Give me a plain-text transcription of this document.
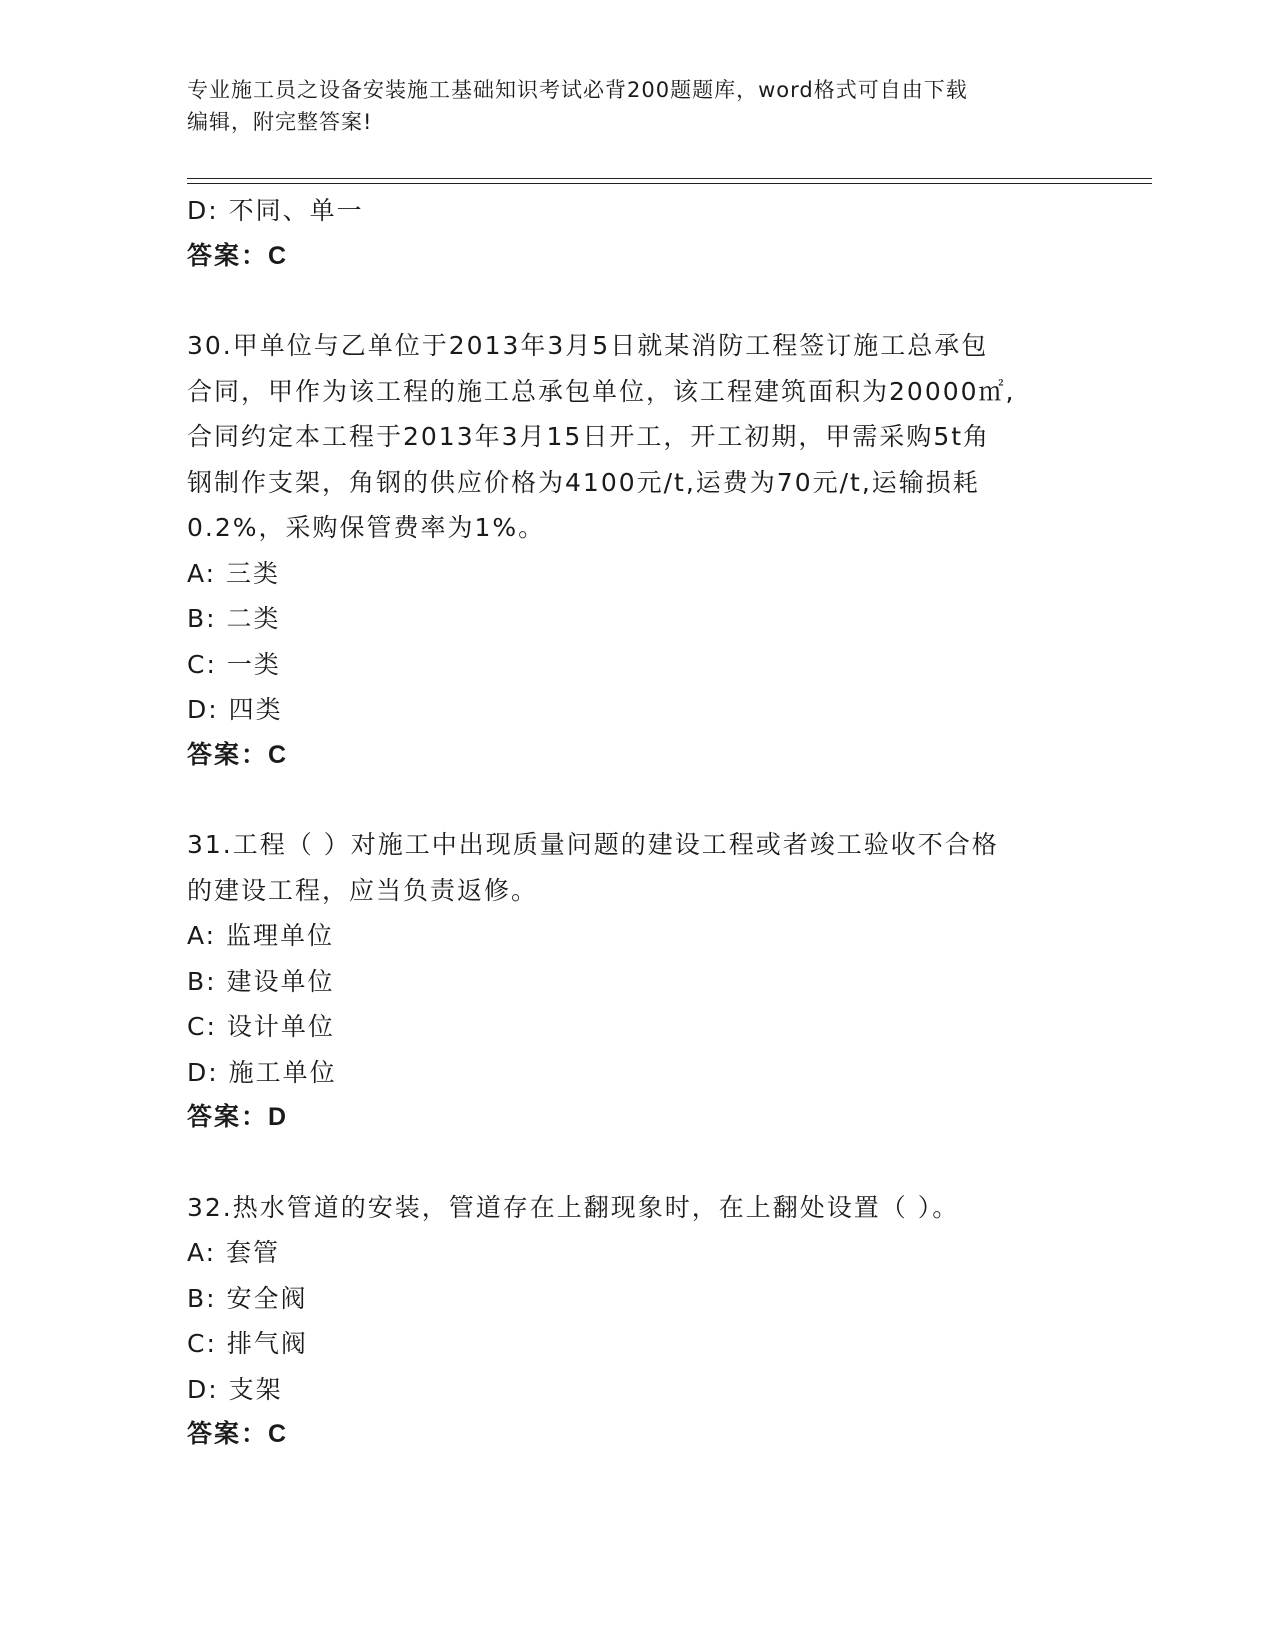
专业施工员之设备安装施工基础知识考试必背200题题库，word格式可自由下载
编辑，附完整答案!
D: 不同、单一
答案：C
30.甲单位与乙单位于2013年3月5日就某消防工程签订施工总承包
合同，甲作为该工程的施工总承包单位，该工程建筑面积为20000㎡,
合同约定本工程于2013年3月15日开工，开工初期，甲需采购5t角
钢制作支架，角钢的供应价格为4100元/t,运费为70元/t,运输损耗
0.2%，采购保管费率为1%。
A: 三类
B: 二类
C: 一类
D: 四类
答案：C
31.工程（ ）对施工中出现质量问题的建设工程或者竣工验收不合格
的建设工程，应当负责返修。
A: 监理单位
B: 建设单位
C: 设计单位
D: 施工单位
答案：D
32.热水管道的安装，管道存在上翻现象时，在上翻处设置（ ）。
A: 套管
B: 安全阀
C: 排气阀
D: 支架
答案：C
